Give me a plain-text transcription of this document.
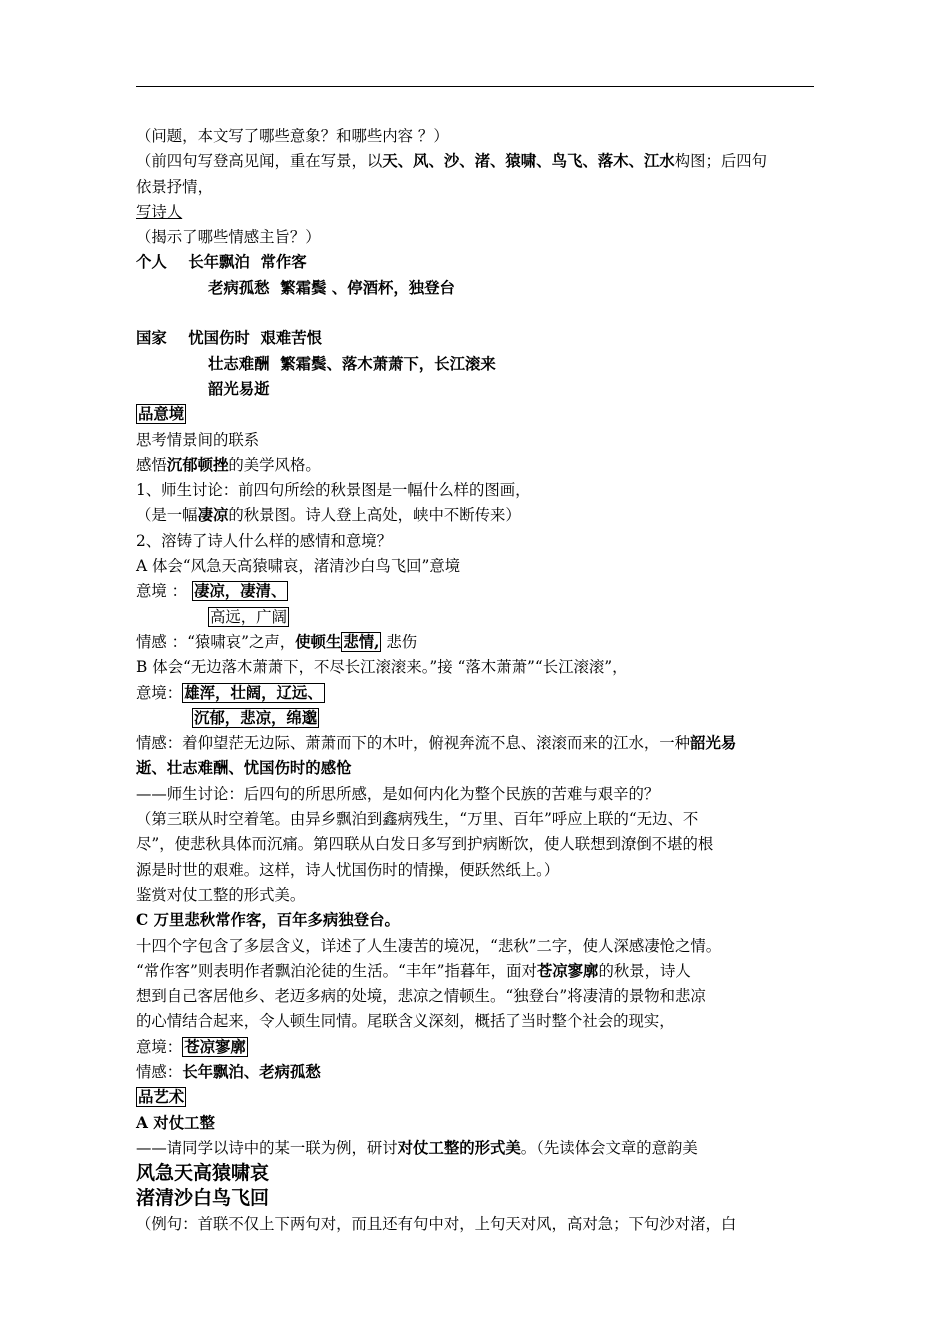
（问题，本文写了哪些意象？和哪些内容 ？）
（前四句写登高见闻，重在写景，以天、风、沙、渚、猿啸、鸟飞、落木、江水构图；后四句
依景抒情，
写诗人
（揭示了哪些情感主旨？）
个人    长年飘泊  常作客
老病孤愁  繁霜鬓 、停酒杯，独登台
国家    忧国伤时  艰难苦恨
壮志难酬  繁霜鬓、落木萧萧下，长江滚来
韶光易逝
品意境
思考情景间的联系
感悟沉郁顿挫的美学风格。
1、师生讨论：前四句所绘的秋景图是一幅什么样的图画，
（是一幅凄凉的秋景图。诗人登上高处，峡中不断传来）
2、溶铸了诗人什么样的感情和意境？
A 体会“风急天高猿啸哀，渚清沙白鸟飞回”意境
意境 ： 凄凉，凄清、
高远，广阔
情感 ：“猿啸哀”之声，使顿生 悲情, 悲伤
B 体会“无边落木萧萧下，不尽长江滚滚来。”接 “落木萧萧”“长江滚滚”，
意境： 雄浑，壮阔，辽远、
沉郁，悲凉，绵邈
情感：着仰望茫无边际、萧萧而下的木叶，俯视奔流不息、滚滚而来的江水，一种韶光易
逝、壮志难酬、忧国伤时的感怆
——师生讨论：后四句的所思所感，是如何内化为整个民族的苦难与艰辛的？
（第三联从时空着笔。由异乡飘泊到鑫病残生，“万里、百年”呼应上联的“无边、不
尽”，使悲秋具体而沉痛。第四联从白发日多写到护病断饮，使人联想到潦倒不堪的根
源是时世的艰难。这样，诗人忧国伤时的情操，便跃然纸上。）
鉴赏对仗工整的形式美。
C 万里悲秋常作客，百年多病独登台。
十四个字包含了多层含义，详述了人生凄苦的境况，“悲秋”二字，使人深感凄怆之情。
“常作客”则表明作者飘泊沦徒的生活。“丰年”指暮年，面对苍凉寥廓的秋景，诗人
想到自己客居他乡、老迈多病的处境，悲凉之情顿生。“独登台”将凄清的景物和悲凉
的心情结合起来，令人顿生同情。尾联含义深刻，概括了当时整个社会的现实，
意境： 苍凉寥廓
情感：长年飘泊、老病孤愁
品艺术
A 对仗工整
——请同学以诗中的某一联为例，研讨对仗工整的形式美。（先读体会文章的意韵美
风急天高猿啸哀
渚清沙白鸟飞回
（例句：首联不仅上下两句对，而且还有句中对，上句天对风，高对急；下句沙对渚，白
